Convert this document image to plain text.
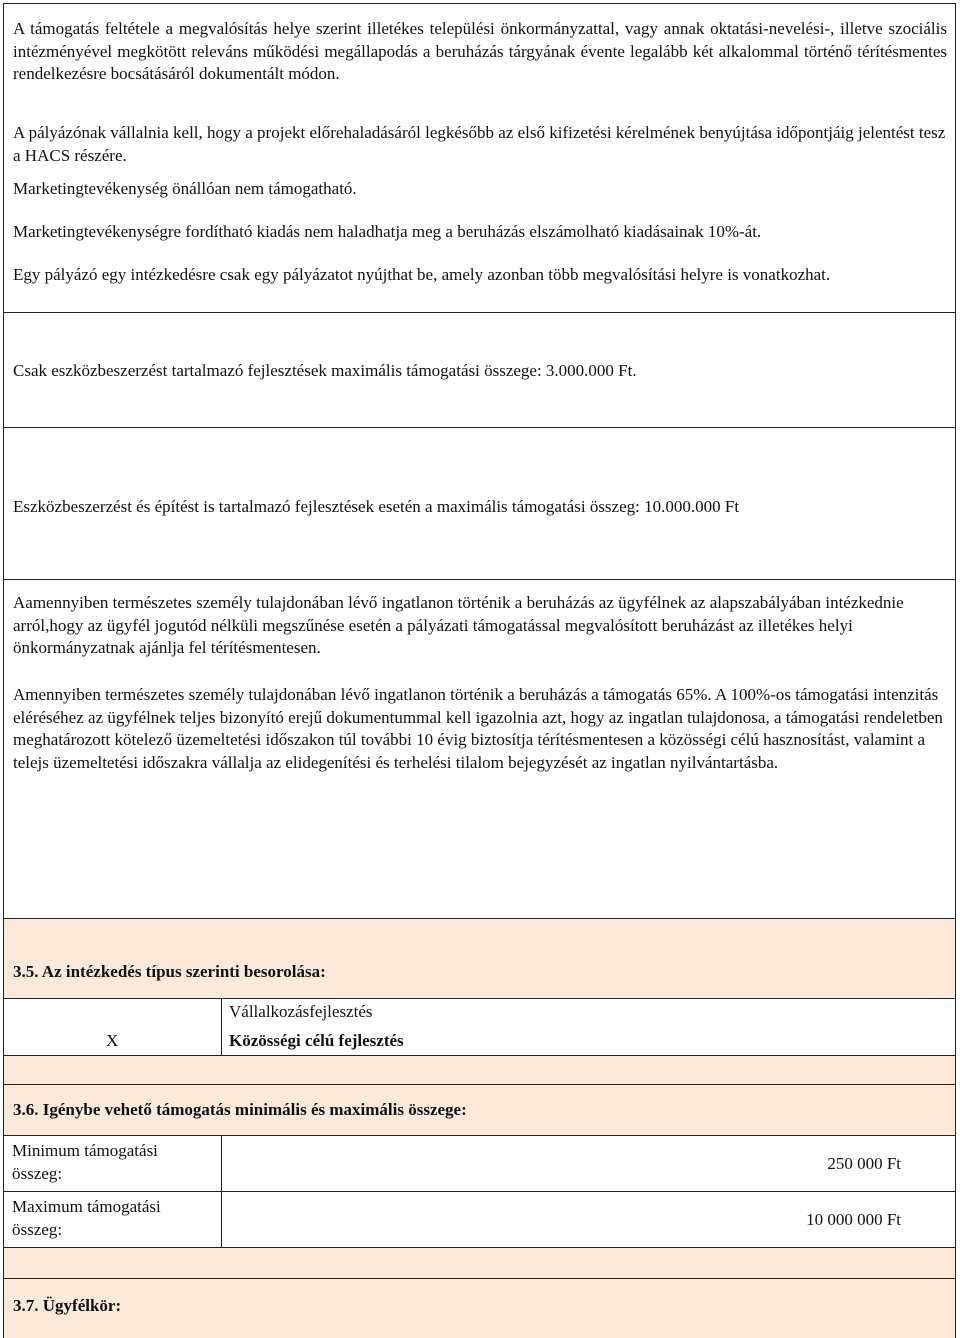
A támogatás feltétele a megvalósítás helye szerint illetékes települési önkormányzattal, vagy annak oktatási-nevelési-, illetve szociális intézményével megkötött releváns működési megállapodás a beruházás tárgyának évente legalább két alkalommal történő térítésmentes rendelkezésre bocsátásáról dokumentált módon.

A pályázónak vállalnia kell, hogy a projekt előrehaladásáról legkésőbb az első kifizetési kérelmének benyújtása időpontjáig jelentést tesz a HACS részére.

Marketingtevékenység önállóan nem támogatható.

Marketingtevékenységre fordítható kiadás nem haladhatja meg a beruházás elszámolható kiadásainak 10%-át.

Egy pályázó egy intézkedésre csak egy pályázatot nyújthat be, amely azonban több megvalósítási helyre is vonatkozhat.

Csak eszközbeszerzést tartalmazó fejlesztések maximális támogatási összege: 3.000.000 Ft.

Eszközbeszerzést és építést is tartalmazó fejlesztések esetén a maximális támogatási összeg: 10.000.000 Ft

Aamennyiben természetes személy tulajdonában lévő ingatlanon történik a beruházás az ügyfélnek az alapszabályában intézkednie arról,hogy az ügyfél jogutód nélküli megszűnése esetén a pályázati támogatással megvalósított beruházást az illetékes helyi önkormányzatnak ajánlja fel térítésmentesen.

Amennyiben természetes személy tulajdonában lévő ingatlanon történik a beruházás a támogatás 65%. A 100%-os támogatási intenzitás eléréséhez az ügyfélnek teljes bizonyító erejű dokumentummal kell igazolnia azt, hogy az ingatlan tulajdonosa, a támogatási rendeletben meghatározott kötelező üzemeltetési időszakon túl további 10 évig biztosítja térítésmentesen a közösségi célú hasznosítást, valamint a telejs üzemeltetési időszakra vállalja az elidegenítési és terhelési tilalom bejegyzését az ingatlan nyilvántartásba.

3.5. Az intézkedés típus szerinti besorolása:

Vállalkozásfejlesztés

X	Közösségi célú fejlesztés

3.6. Igénybe vehető támogatás minimális és maximális összege:

Minimum támogatási összeg:	250 000 Ft

Maximum támogatási összeg:	10 000 000 Ft

3.7. Ügyfélkör:
